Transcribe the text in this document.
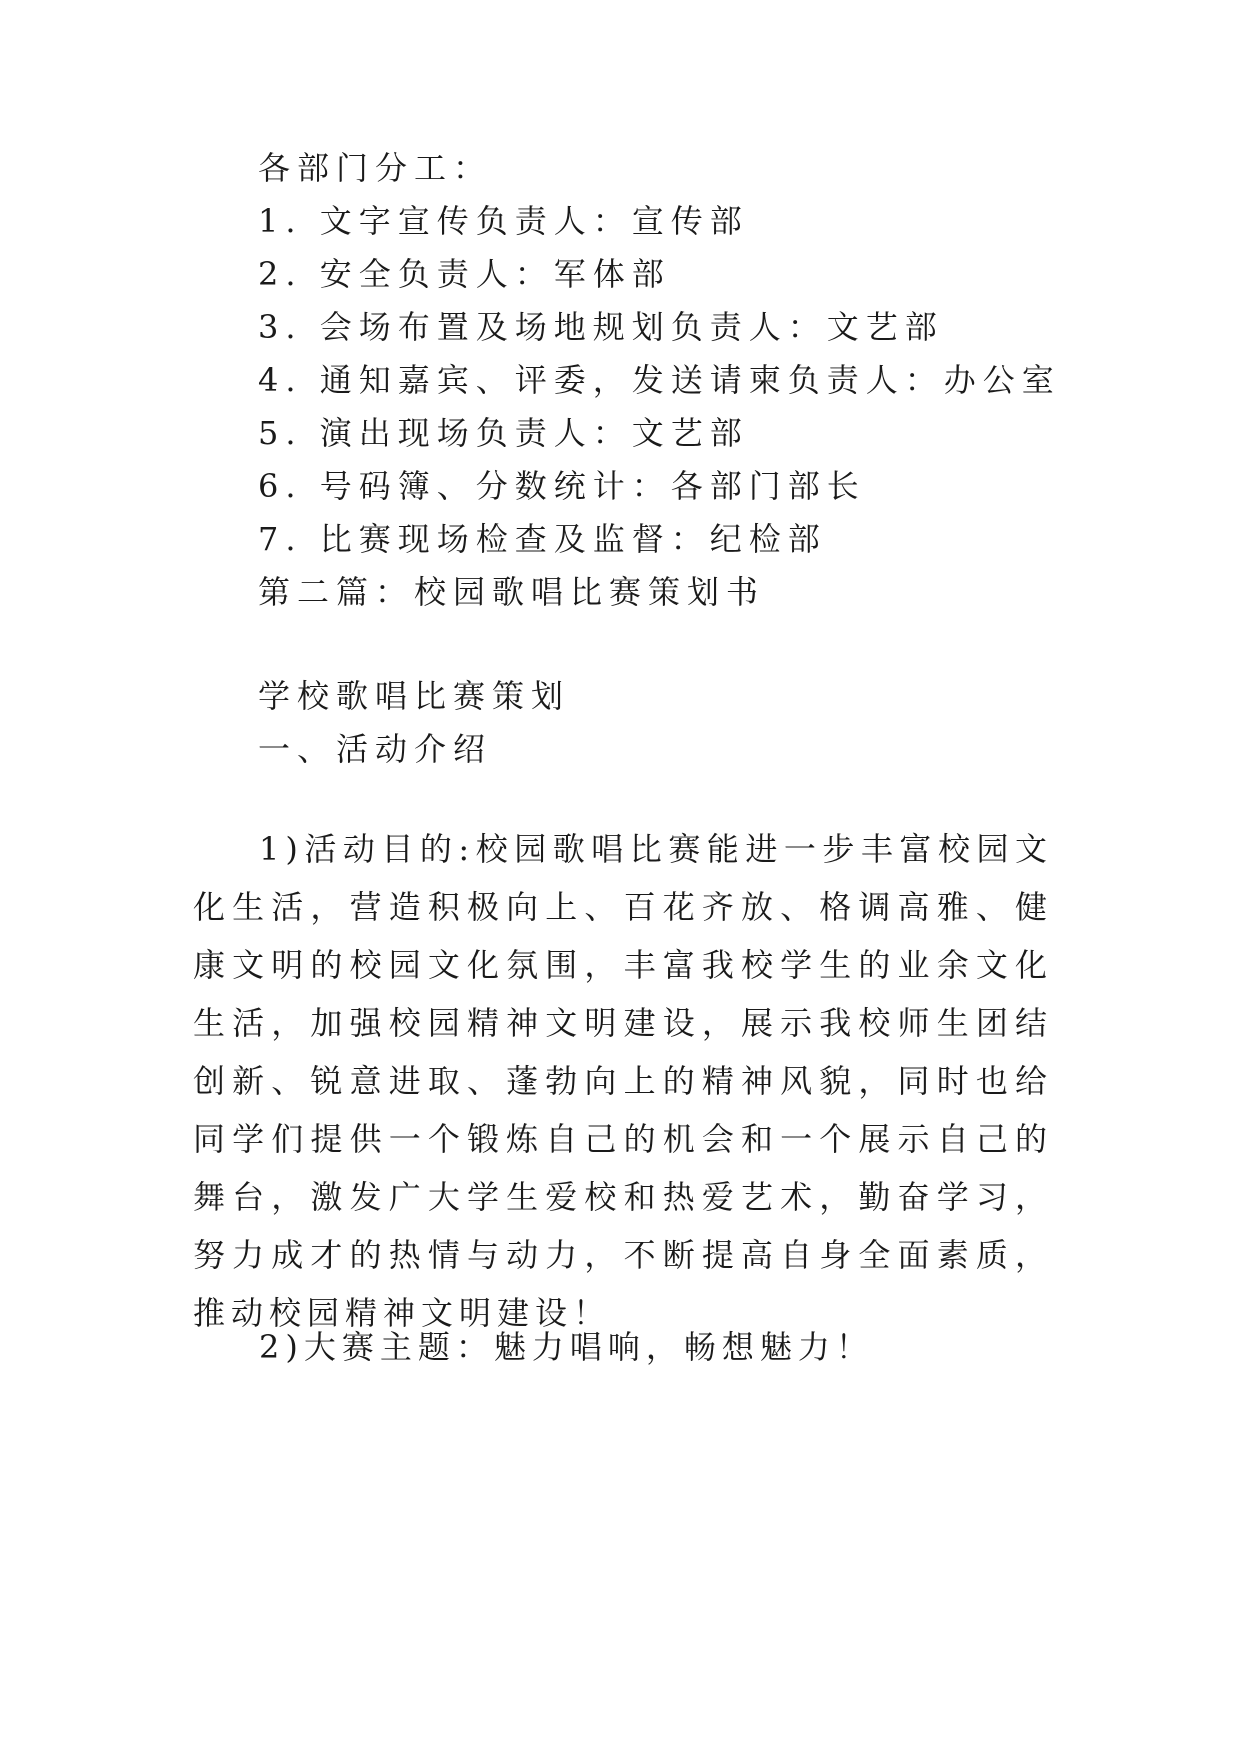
各部门分工：
1. 文字宣传负责人：宣传部
2. 安全负责人：军体部
3. 会场布置及场地规划负责人：文艺部
4. 通知嘉宾、评委，发送请柬负责人：办公室
5. 演出现场负责人：文艺部
6. 号码簿、分数统计：各部门部长
7. 比赛现场检查及监督：纪检部
第二篇：校园歌唱比赛策划书
学校歌唱比赛策划
一、活动介绍

1)活动目的:校园歌唱比赛能进一步丰富校园文化生活，营造积极向上、百花齐放、格调高雅、健康文明的校园文化氛围，丰富我校学生的业余文化生活，加强校园精神文明建设，展示我校师生团结创新、锐意进取、蓬勃向上的精神风貌，同时也给同学们提供一个锻炼自己的机会和一个展示自己的舞台，激发广大学生爱校和热爱艺术，勤奋学习，努力成才的热情与动力，不断提高自身全面素质，推动校园精神文明建设！

2)大赛主题：魅力唱响，畅想魅力！
